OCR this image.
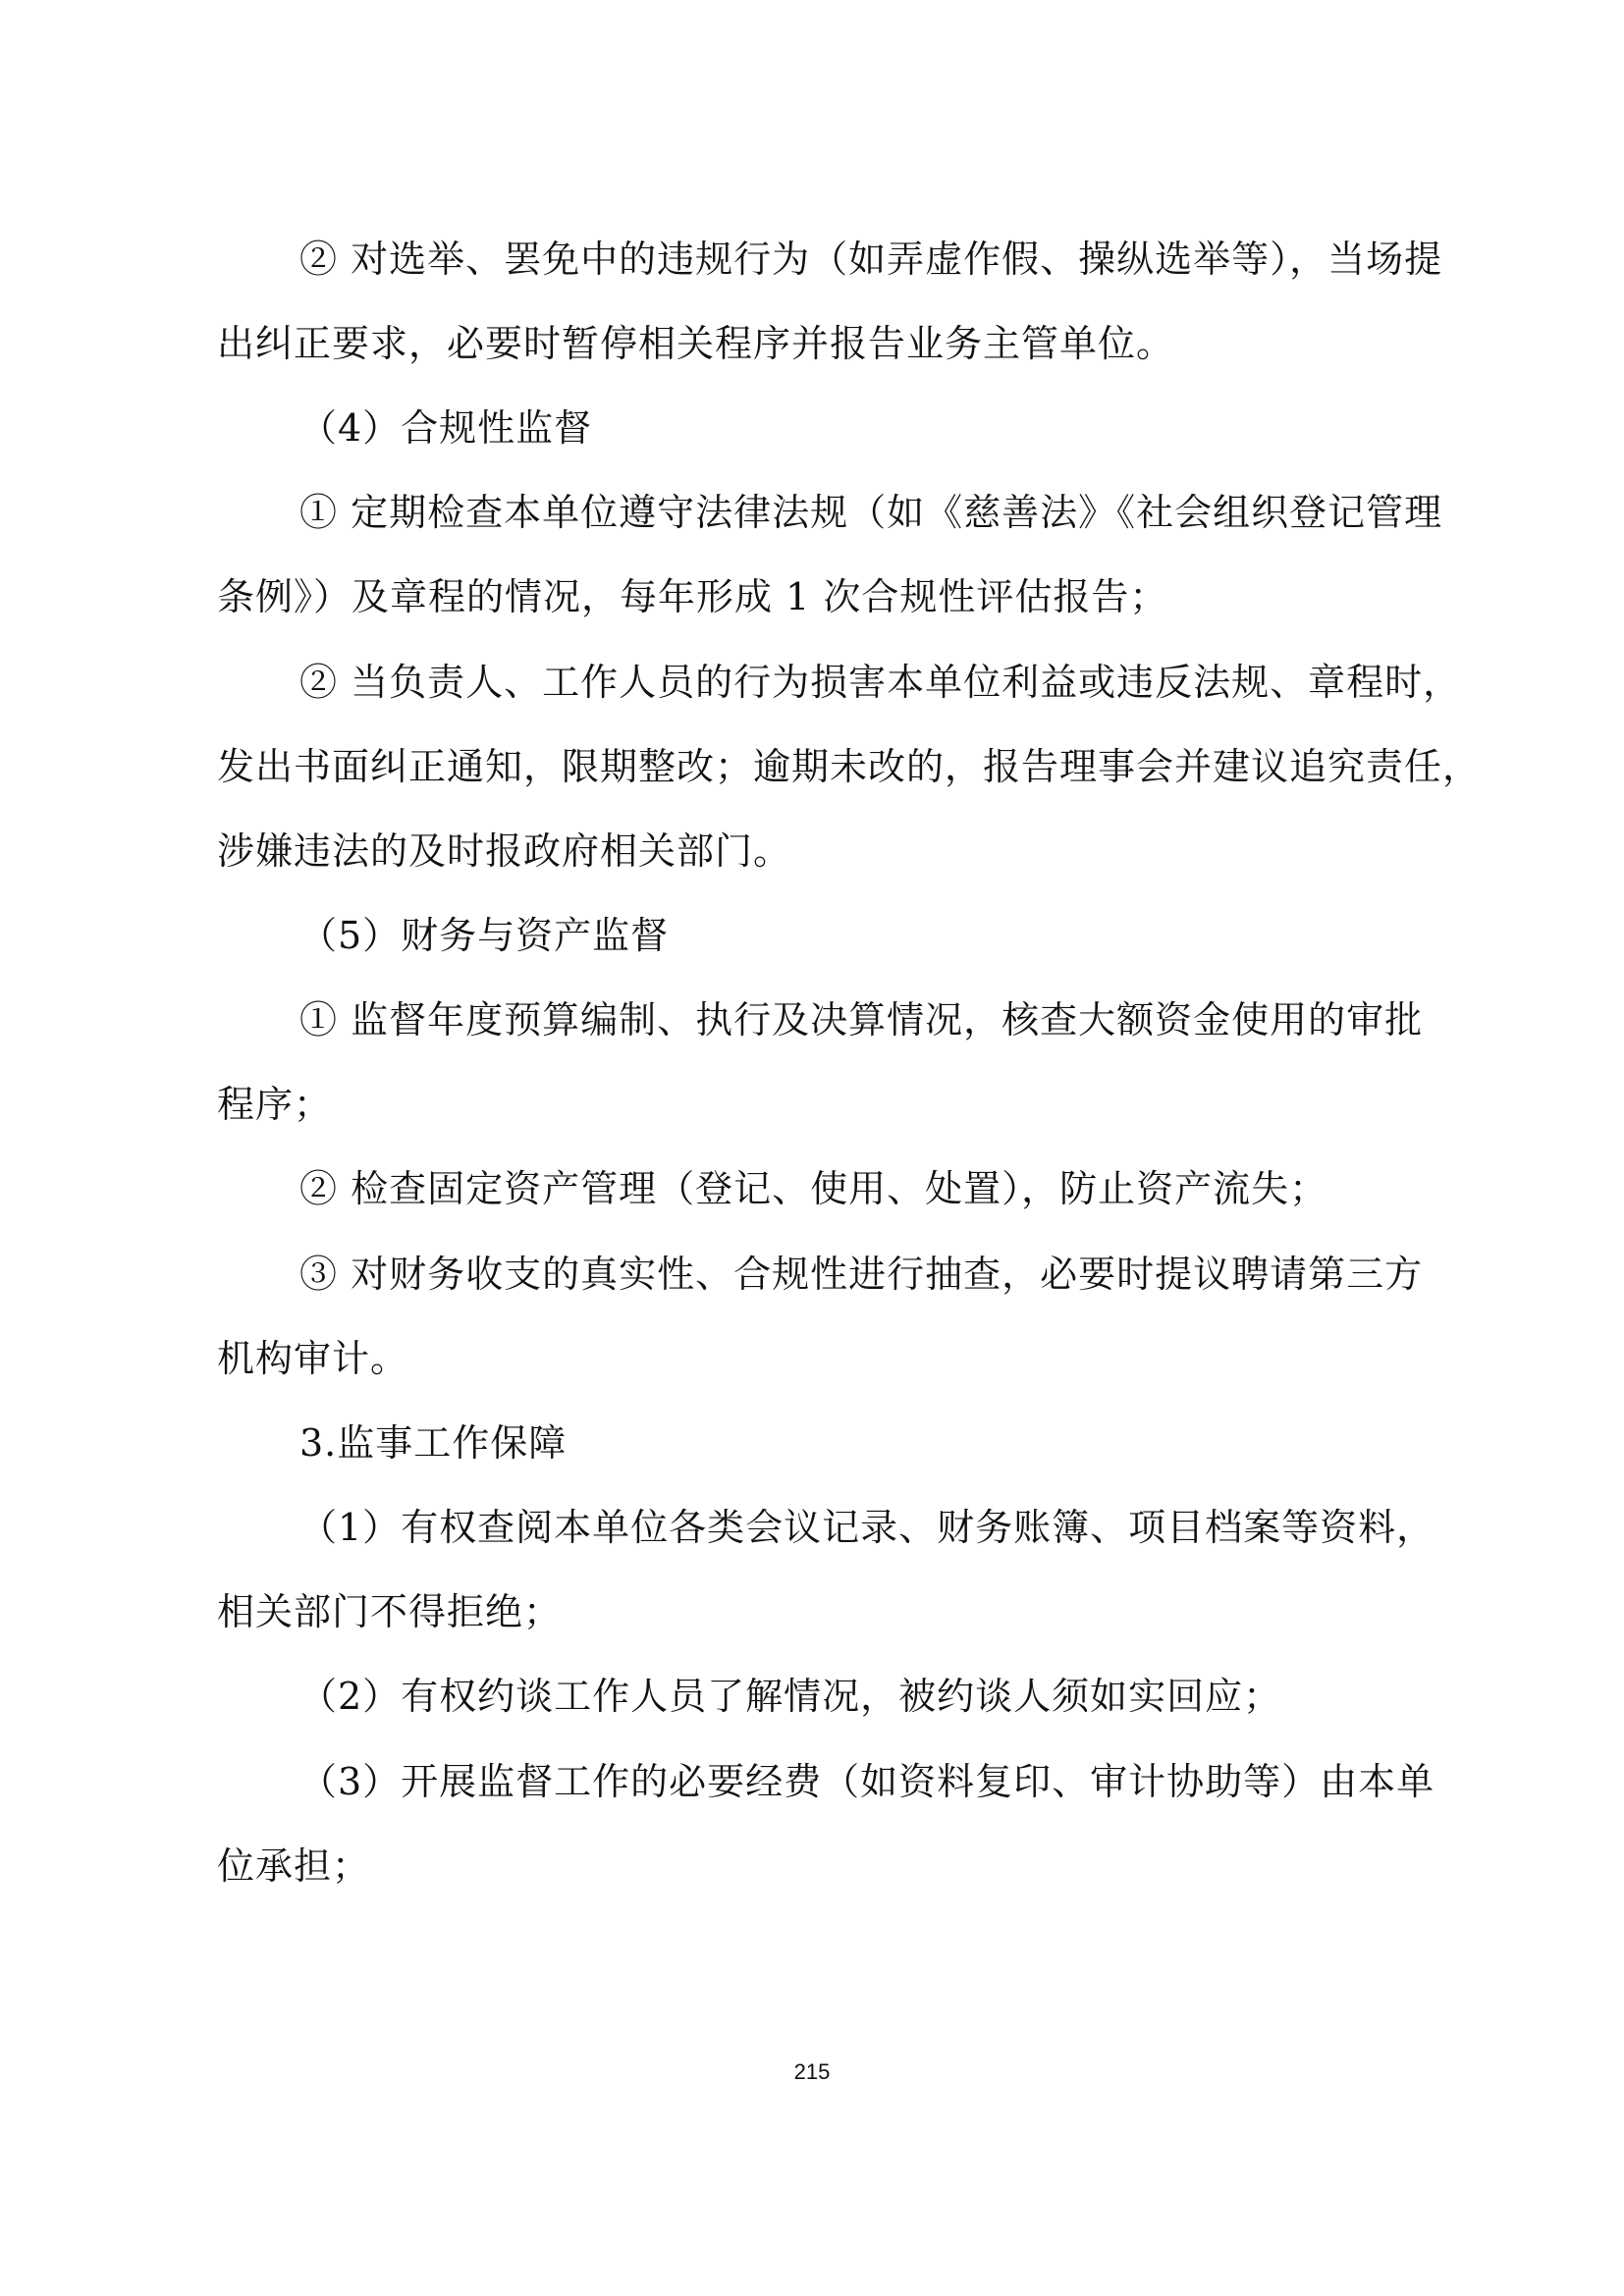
② 对选举、罢免中的违规行为（如弄虚作假、操纵选举等），当场提
出纠正要求，必要时暂停相关程序并报告业务主管单位。
（4）合规性监督
① 定期检查本单位遵守法律法规（如《慈善法》《社会组织登记管理
条例》）及章程的情况，每年形成 1 次合规性评估报告；
② 当负责人、工作人员的行为损害本单位利益或违反法规、章程时，
发出书面纠正通知，限期整改；逾期未改的，报告理事会并建议追究责任，
涉嫌违法的及时报政府相关部门。
（5）财务与资产监督
① 监督年度预算编制、执行及决算情况，核查大额资金使用的审批
程序；
② 检查固定资产管理（登记、使用、处置），防止资产流失；
③ 对财务收支的真实性、合规性进行抽查，必要时提议聘请第三方
机构审计。
3.监事工作保障
（1）有权查阅本单位各类会议记录、财务账簿、项目档案等资料，
相关部门不得拒绝；
（2）有权约谈工作人员了解情况，被约谈人须如实回应；
（3）开展监督工作的必要经费（如资料复印、审计协助等）由本单
位承担；
215
